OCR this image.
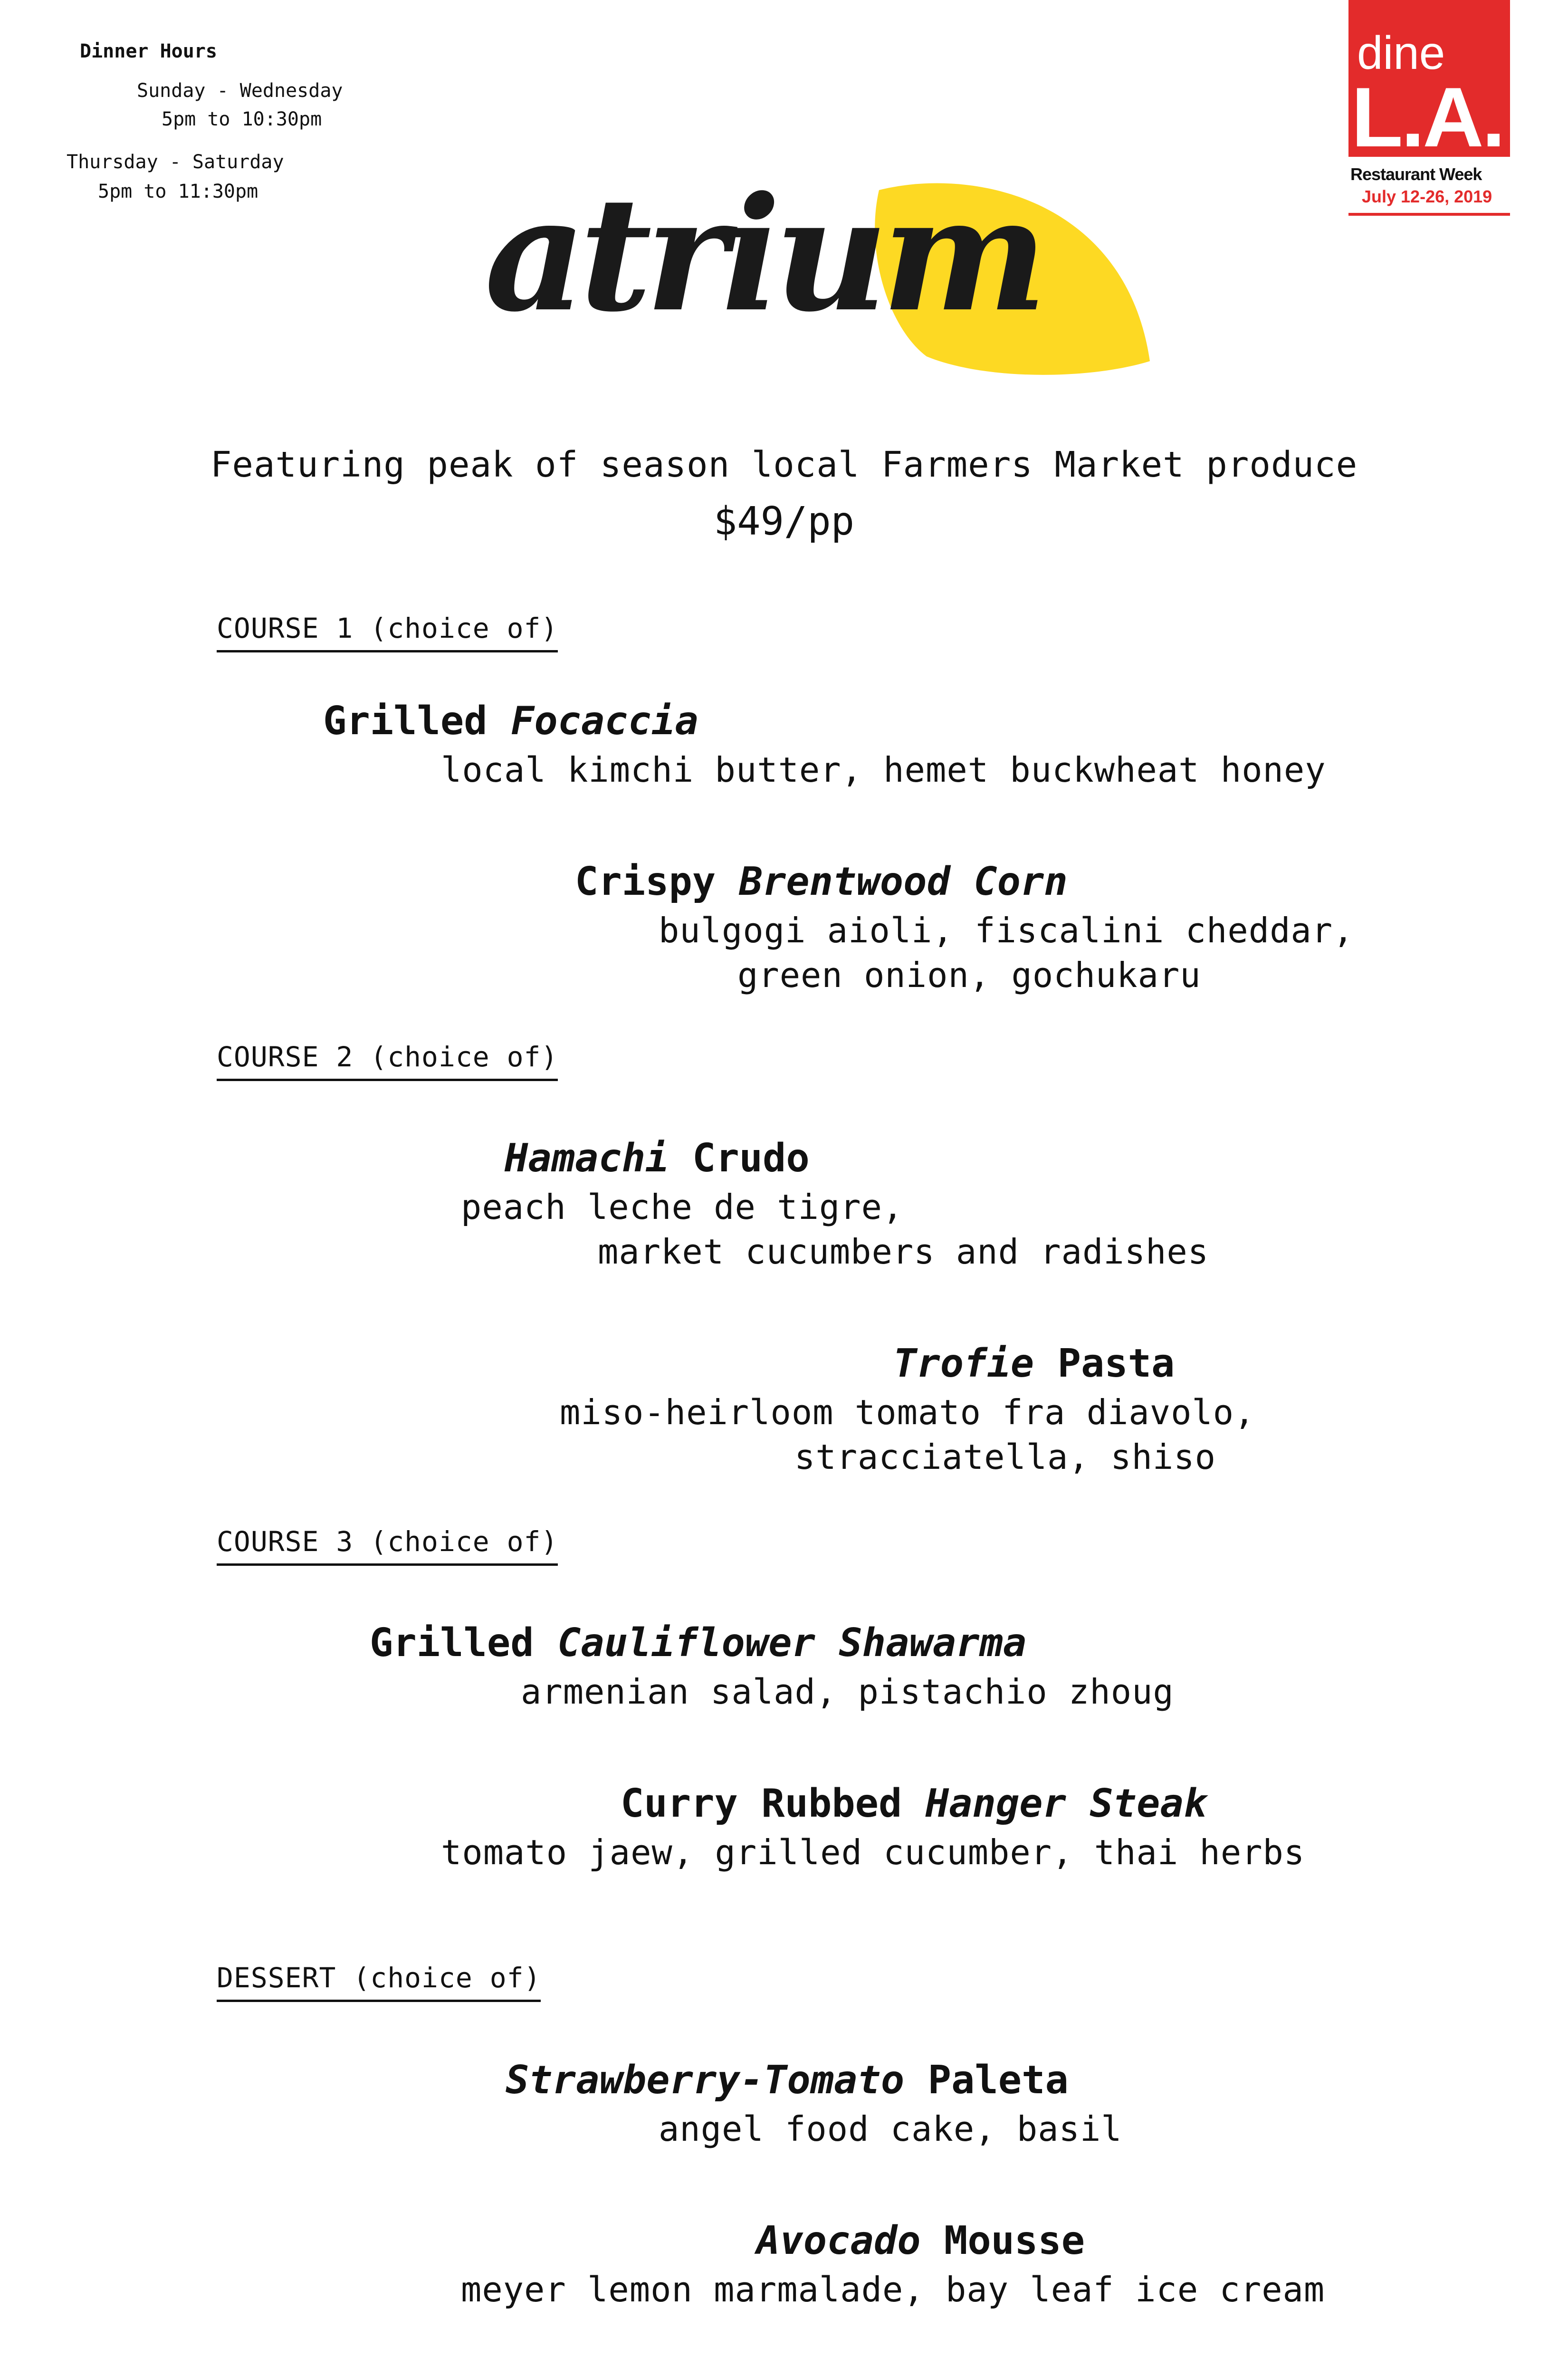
Dinner Hours
Sunday - Wednesday
5pm to 10:30pm
Thursday - Saturday
5pm to 11:30pm
dine
L.A.
Restaurant Week
July 12-26, 2019
atrium
Featuring peak of season local Farmers Market produce
$49/pp
COURSE 1 (choice of)
Grilled Focaccia
local kimchi butter, hemet buckwheat honey
Crispy Brentwood Corn
bulgogi aioli, fiscalini cheddar,
green onion, gochukaru
COURSE 2 (choice of)
Hamachi Crudo
peach leche de tigre,
market cucumbers and radishes
Trofie Pasta
miso-heirloom tomato fra diavolo,
stracciatella, shiso
COURSE 3 (choice of)
Grilled Cauliflower Shawarma
armenian salad, pistachio zhoug
Curry Rubbed Hanger Steak
tomato jaew, grilled cucumber, thai herbs
DESSERT (choice of)
Strawberry-Tomato Paleta
angel food cake, basil
Avocado Mousse
meyer lemon marmalade, bay leaf ice cream
